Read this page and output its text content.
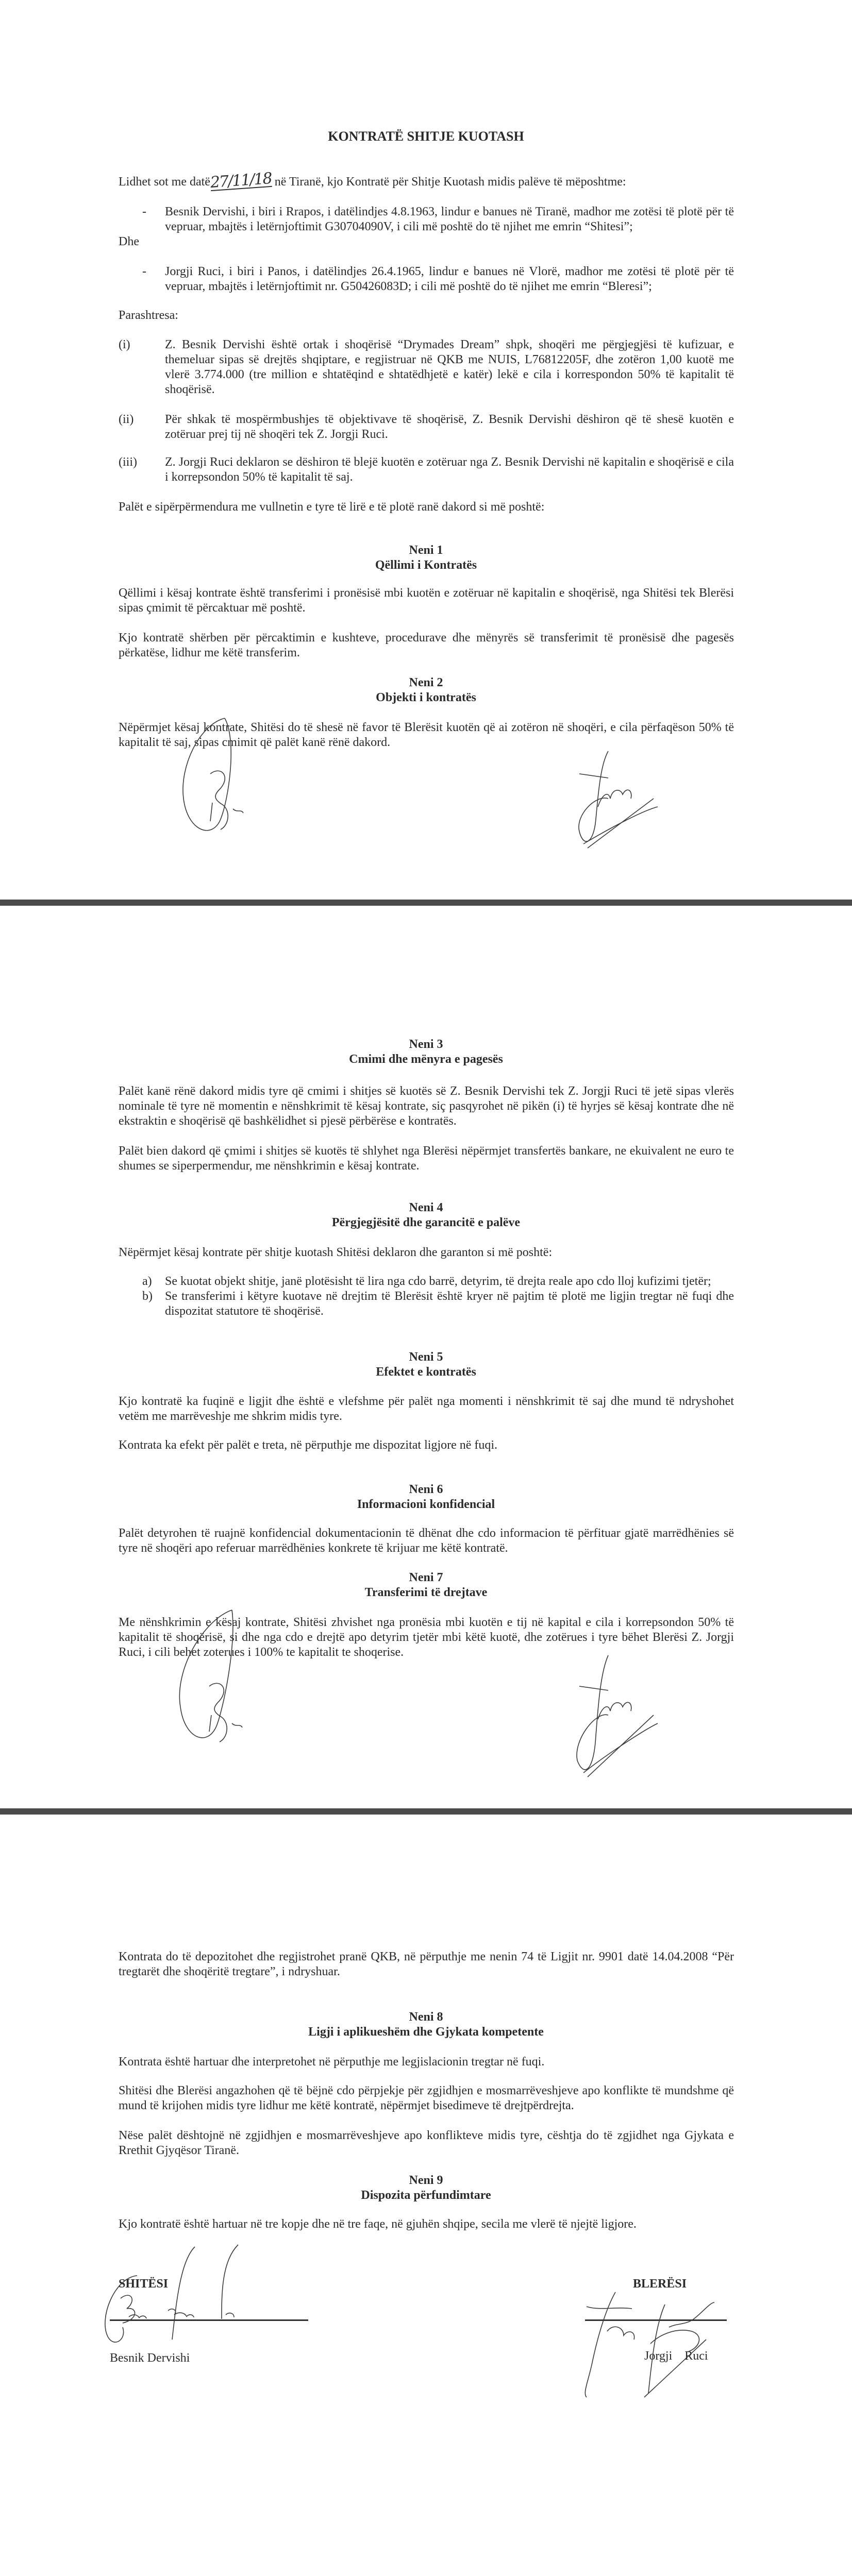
KONTRATË SHITJE KUOTASH

Lidhet sot me datë27/11/18 në Tiranë, kjo Kontratë për Shitje Kuotash midis palëve të mëposhtme:

- Besnik Dervishi, i biri i Rrapos, i datëlindjes 4.8.1963, lindur e banues në Tiranë, madhor me zotësi të plotë për të vepruar, mbajtës i letërnjoftimit G30704090V, i cili më poshtë do të njihet me emrin “Shitesi”;

Dhe
- Jorgji Ruci, i biri i Panos, i datëlindjes 26.4.1965, lindur e banues në Vlorë, madhor me zotësi të plotë për të vepruar, mbajtës i letërnjoftimit nr. G50426083D; i cili më poshtë do të njihet me emrin “Bleresi”;

Parashtresa:
(i)	Z. Besnik Dervishi është ortak i shoqërisë “Drymades Dream” shpk, shoqëri me përgjegjësi të kufizuar, e themeluar sipas së drejtës shqiptare, e regjistruar në QKB me NUIS, L76812205F, dhe zotëron 1,00 kuotë me vlerë 3.774.000 (tre million e shtatëqind e shtatëdhjetë e katër) lekë e cila i korrespondon 50% të kapitalit të shoqërisë.

(ii)	Për shkak të mospërmbushjes të objektivave të shoqërisë, Z. Besnik Dervishi dëshiron që të shesë kuotën e zotëruar prej tij në shoqëri tek Z. Jorgji Ruci.

(iii) Z. Jorgji Ruci deklaron se dëshiron të blejë kuotën e zotëruar nga Z. Besnik Dervishi në kapitalin e shoqërisë e cila i korrepsondon 50% të kapitalit të saj.

Palët e sipërpërmendura me vullnetin e tyre të lirë e të plotë ranë dakord si më poshtë:

Neni 1
Qëllimi i Kontratës

Qëllimi i kësaj kontrate është transferimi i pronësisë mbi kuotën e zotëruar në kapitalin e shoqërisë, nga Shitësi tek Blerësi sipas çmimit të përcaktuar më poshtë.

Kjo kontratë shërben për përcaktimin e kushteve, procedurave dhe mënyrës së transferimit të pronësisë dhe pagesës përkatëse, lidhur me këtë transferim.

Neni 2
Objekti i kontratës

Nëpërmjet kësaj kontrate, Shitësi do të shesë në favor të Blerësit kuotën që ai zotëron në shoqëri, e cila përfaqëson 50% të kapitalit të saj, sipas cmimit që palët kanë rënë dakord.

Neni 3
Cmimi dhe mënyra e pagesës

Palët kanë rënë dakord midis tyre që cmimi i shitjes së kuotës së Z. Besnik Dervishi tek Z. Jorgji Ruci të jetë sipas vlerës nominale të tyre në momentin e nënshkrimit të kësaj kontrate, siç pasqyrohet në pikën (i) të hyrjes së kësaj kontrate dhe në ekstraktin e shoqërisë që bashkëlidhet si pjesë përbërëse e kontratës.

Palët bien dakord që çmimi i shitjes së kuotës të shlyhet nga Blerësi nëpërmjet transfertës bankare, ne ekuivalent ne euro te shumes se siperpermendur, me nënshkrimin e kësaj kontrate.

Neni 4
Përgjegjësitë dhe garancitë e palëve

Nëpërmjet kësaj kontrate për shitje kuotash Shitësi deklaron dhe garanton si më poshtë:

a) Se kuotat objekt shitje, janë plotësisht të lira nga cdo barrë, detyrim, të drejta reale apo cdo lloj kufizimi tjetër;

b) Se transferimi i këtyre kuotave në drejtim të Blerësit është kryer në pajtim të plotë me ligjin tregtar në fuqi dhe dispozitat statutore të shoqërisë.

Neni 5
Efektet e kontratës

Kjo kontratë ka fuqinë e ligjit dhe është e vlefshme për palët nga momenti i nënshkrimit të saj dhe mund të ndryshohet vetëm me marrëveshje me shkrim midis tyre.

Kontrata ka efekt për palët e treta, në përputhje me dispozitat ligjore në fuqi.

Neni 6
Informacioni konfidencial

Palët detyrohen të ruajnë konfidencial dokumentacionin të dhënat dhe cdo informacion të përfituar gjatë marrëdhënies së tyre në shoqëri apo referuar marrëdhënies konkrete të krijuar me këtë kontratë.

Neni 7
Transferimi të drejtave

Me nënshkrimin e kësaj kontrate, Shitësi zhvishet nga pronësia mbi kuotën e tij në kapital e cila i korrepsondon 50% të kapitalit të shoqërisë, si dhe nga cdo e drejtë apo detyrim tjetër mbi këtë kuotë, dhe zotërues i tyre bëhet Blerësi Z. Jorgji Ruci, i cili behet zoterues i 100% te kapitalit te shoqerise.

Kontrata do të depozitohet dhe regjistrohet pranë QKB, në përputhje me nenin 74 të Ligjit nr. 9901 datë 14.04.2008 “Për tregtarët dhe shoqëritë tregtare”, i ndryshuar.

Neni 8
Ligji i aplikueshëm dhe Gjykata kompetente

Kontrata është hartuar dhe interpretohet në përputhje me legjislacionin tregtar në fuqi.

Shitësi dhe Blerësi angazhohen që të bëjnë cdo përpjekje për zgjidhjen e mosmarrëveshjeve apo konflikte të mundshme që mund të krijohen midis tyre lidhur me këtë kontratë, nëpërmjet bisedimeve të drejtpërdrejta.

Nëse palët dështojnë në zgjidhjen e mosmarrëveshjeve apo konflikteve midis tyre, cështja do të zgjidhet nga Gjykata e Rrethit Gjyqësor Tiranë.

Neni 9
Dispozita përfundimtare

Kjo kontratë është hartuar në tre kopje dhe në tre faqe, në gjuhën shqipe, secila me vlerë të njejtë ligjore.

SHITËSI	BLERËSI
Besnik Dervishi	Jorgji Ruci
